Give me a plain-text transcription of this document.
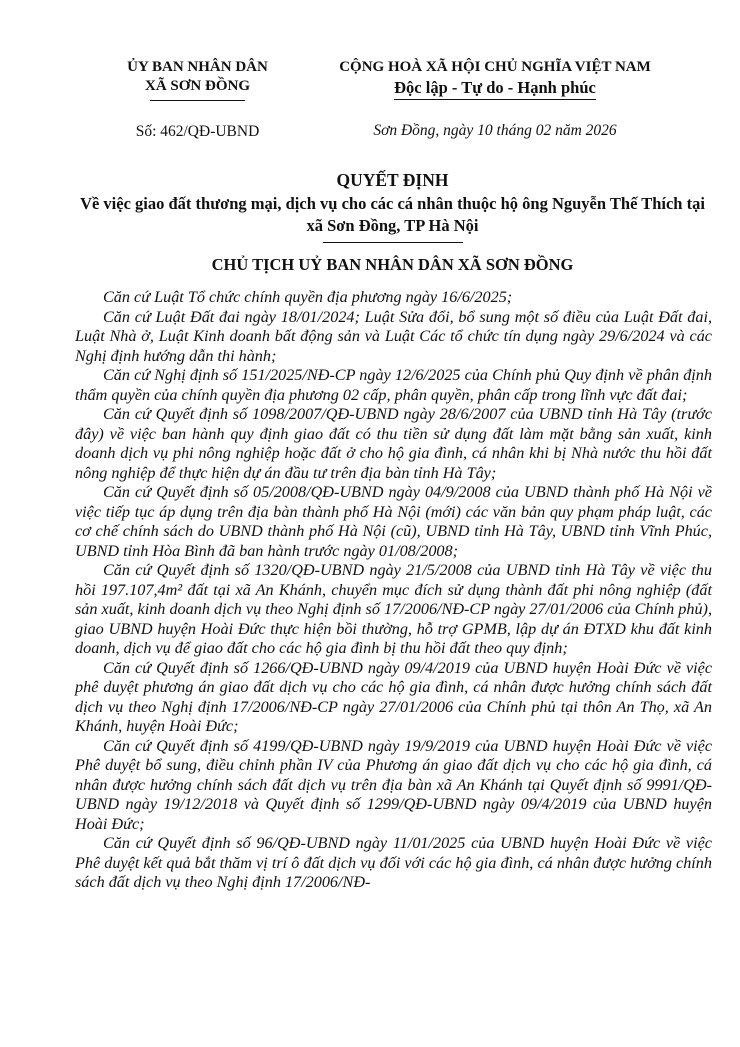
ỦY BAN NHÂN DÂN
XÃ SƠN ĐỒNG
Số: 462/QĐ-UBND
CỘNG HOÀ XÃ HỘI CHỦ NGHĨA VIỆT NAM
Độc lập - Tự do - Hạnh phúc
Sơn Đồng, ngày 10 tháng 02 năm 2026
QUYẾT ĐỊNH
Về việc giao đất thương mại, dịch vụ cho các cá nhân thuộc hộ ông Nguyễn Thế Thích tại xã Sơn Đồng, TP Hà Nội
CHỦ TỊCH UỶ BAN NHÂN DÂN XÃ SƠN ĐỒNG

Căn cứ Luật Tổ chức chính quyền địa phương ngày 16/6/2025;

Căn cứ Luật Đất đai ngày 18/01/2024; Luật Sửa đổi, bổ sung một số điều của Luật Đất đai, Luật Nhà ở, Luật Kinh doanh bất động sản và Luật Các tổ chức tín dụng ngày 29/6/2024 và các Nghị định hướng dẫn thi hành;

Căn cứ Nghị định số 151/2025/NĐ-CP ngày 12/6/2025 của Chính phủ Quy định về phân định thẩm quyền của chính quyền địa phương 02 cấp, phân quyền, phân cấp trong lĩnh vực đất đai;

Căn cứ Quyết định số 1098/2007/QĐ-UBND ngày 28/6/2007 của UBND tỉnh Hà Tây (trước đây) về việc ban hành quy định giao đất có thu tiền sử dụng đất làm mặt bằng sản xuất, kinh doanh dịch vụ phi nông nghiệp hoặc đất ở cho hộ gia đình, cá nhân khi bị Nhà nước thu hồi đất nông nghiệp để thực hiện dự án đầu tư trên địa bàn tỉnh Hà Tây;

Căn cứ Quyết định số 05/2008/QĐ-UBND ngày 04/9/2008 của UBND thành phố Hà Nội về việc tiếp tục áp dụng trên địa bàn thành phố Hà Nội (mới) các văn bản quy phạm pháp luật, các cơ chế chính sách do UBND thành phố Hà Nội (cũ), UBND tỉnh Hà Tây, UBND tỉnh Vĩnh Phúc, UBND tỉnh Hòa Bình đã ban hành trước ngày 01/08/2008;

Căn cứ Quyết định số 1320/QĐ-UBND ngày 21/5/2008 của UBND tỉnh Hà Tây về việc thu hồi 197.107,4m² đất tại xã An Khánh, chuyển mục đích sử dụng thành đất phi nông nghiệp (đất sản xuất, kinh doanh dịch vụ theo Nghị định số 17/2006/NĐ-CP ngày 27/01/2006 của Chính phủ), giao UBND huyện Hoài Đức thực hiện bồi thường, hỗ trợ GPMB, lập dự án ĐTXD khu đất kinh doanh, dịch vụ để giao đất cho các hộ gia đình bị thu hồi đất theo quy định;

Căn cứ Quyết định số 1266/QĐ-UBND ngày 09/4/2019 của UBND huyện Hoài Đức về việc phê duyệt phương án giao đất dịch vụ cho các hộ gia đình, cá nhân được hưởng chính sách đất dịch vụ theo Nghị định 17/2006/NĐ-CP ngày 27/01/2006 của Chính phủ tại thôn An Thọ, xã An Khánh, huyện Hoài Đức;

Căn cứ Quyết định số 4199/QĐ-UBND ngày 19/9/2019 của UBND huyện Hoài Đức về việc Phê duyệt bổ sung, điều chỉnh phần IV của Phương án giao đất dịch vụ cho các hộ gia đình, cá nhân được hưởng chính sách đất dịch vụ trên địa bàn xã An Khánh tại Quyết định số 9991/QĐ-UBND ngày 19/12/2018 và Quyết định số 1299/QĐ-UBND ngày 09/4/2019 của UBND huyện Hoài Đức;

Căn cứ Quyết định số 96/QĐ-UBND ngày 11/01/2025 của UBND huyện Hoài Đức về việc Phê duyệt kết quả bắt thăm vị trí ô đất dịch vụ đối với các hộ gia đình, cá nhân được hưởng chính sách đất dịch vụ theo Nghị định 17/2006/NĐ-
